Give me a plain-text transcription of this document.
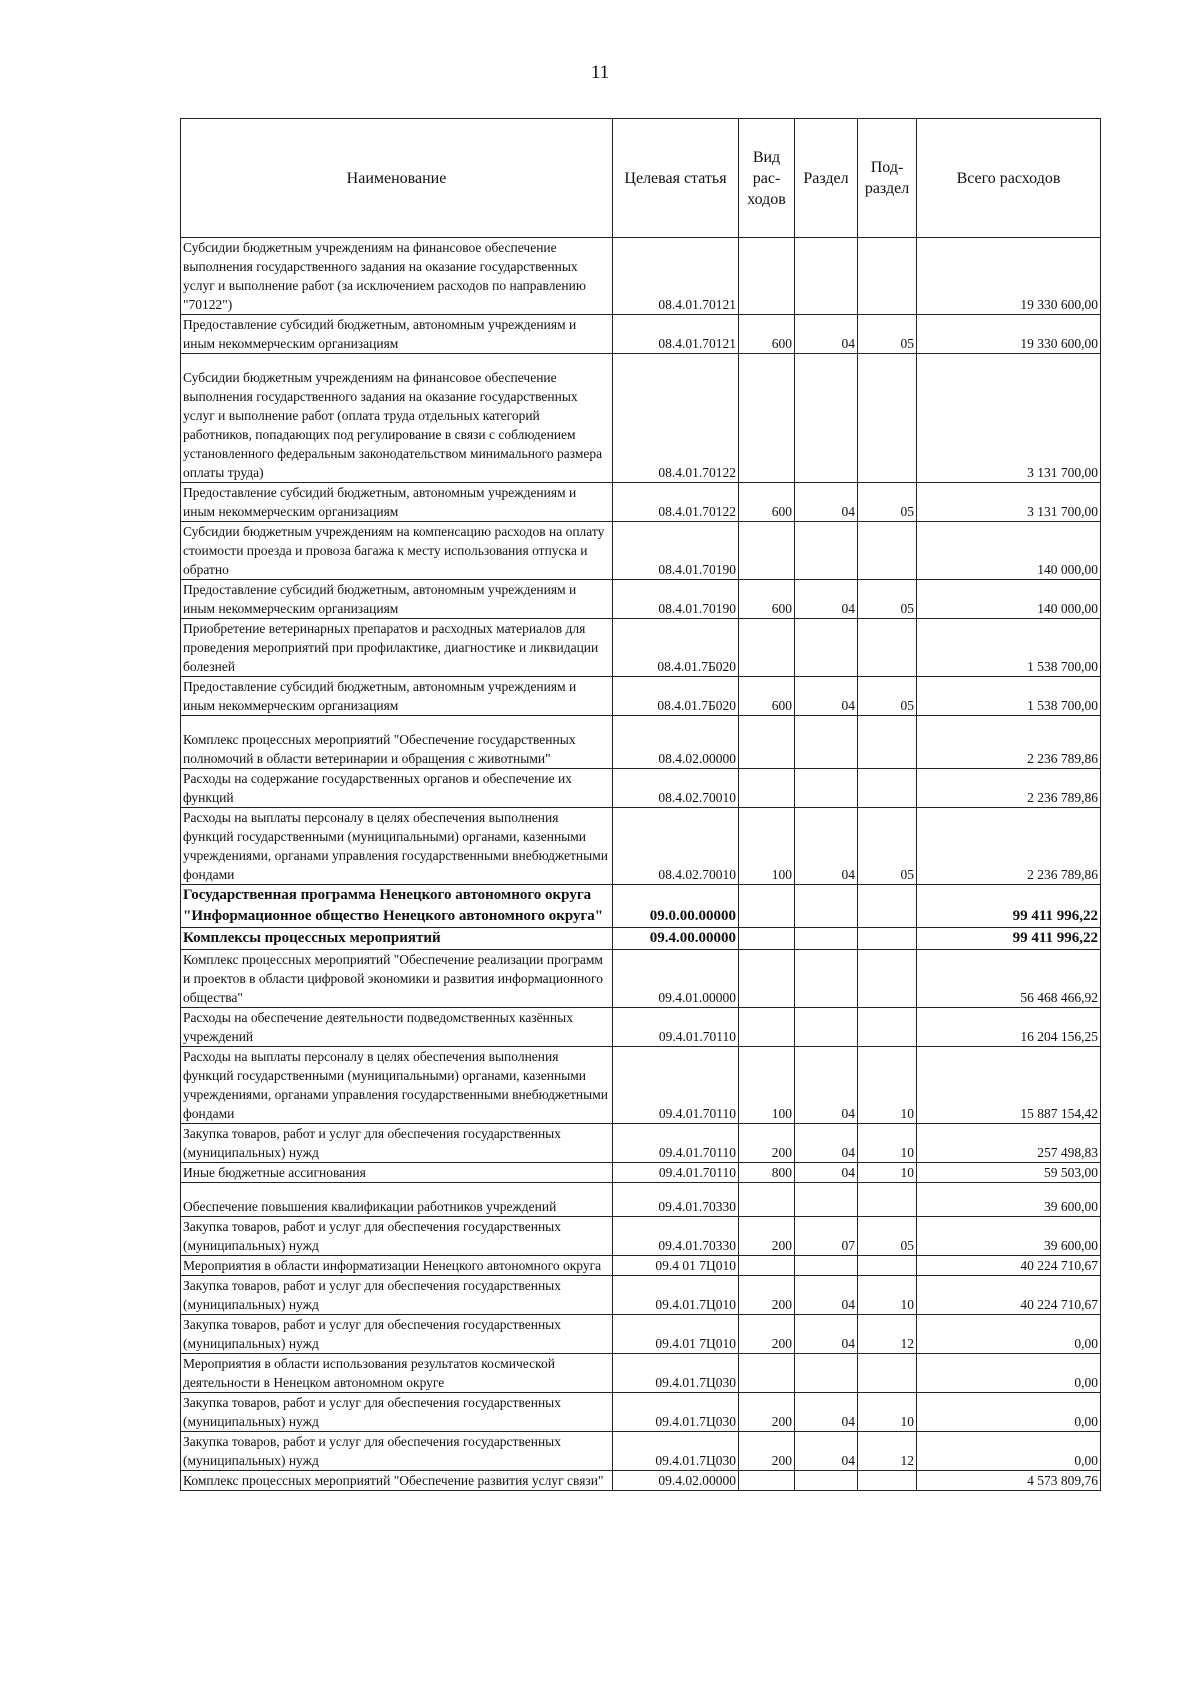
11
Наименование	Целевая статья	Вид рас- ходов	Раздел	Под- раздел	Всего расходов
Субсидии бюджетным учреждениям на финансовое обеспечение выполнения государственного задания на оказание государственных услуг и выполнение работ (за исключением расходов по направлению "70122")	08.4.01.70121				19 330 600,00
Предоставление субсидий бюджетным, автономным учреждениям и иным некоммерческим организациям	08.4.01.70121	600	04	05	19 330 600,00
Субсидии бюджетным учреждениям на финансовое обеспечение выполнения государственного задания на оказание государственных услуг и выполнение работ (оплата труда отдельных категорий работников, попадающих под регулирование в связи с соблюдением установленного федеральным законодательством минимального размера оплаты труда)	08.4.01.70122				3 131 700,00
Предоставление субсидий бюджетным, автономным учреждениям и иным некоммерческим организациям	08.4.01.70122	600	04	05	3 131 700,00
Субсидии бюджетным учреждениям на компенсацию расходов на оплату стоимости проезда и провоза багажа к месту использования отпуска и обратно	08.4.01.70190				140 000,00
Предоставление субсидий бюджетным, автономным учреждениям и иным некоммерческим организациям	08.4.01.70190	600	04	05	140 000,00
Приобретение ветеринарных препаратов и расходных материалов для проведения мероприятий при профилактике, диагностике и ликвидации болезней	08.4.01.7Б020				1 538 700,00
Предоставление субсидий бюджетным, автономным учреждениям и иным некоммерческим организациям	08.4.01.7Б020	600	04	05	1 538 700,00
Комплекс процессных мероприятий "Обеспечение государственных полномочий в области ветеринарии и обращения с животными"	08.4.02.00000				2 236 789,86
Расходы на содержание государственных органов и обеспечение их функций	08.4.02.70010				2 236 789,86
Расходы на выплаты персоналу в целях обеспечения выполнения функций государственными (муниципальными) органами, казенными учреждениями, органами управления государственными внебюджетными фондами	08.4.02.70010	100	04	05	2 236 789,86
Государственная программа Ненецкого автономного округа "Информационное общество Ненецкого автономного округа"	09.0.00.00000				99 411 996,22
Комплексы процессных мероприятий	09.4.00.00000				99 411 996,22
Комплекс процессных мероприятий "Обеспечение реализации программ и проектов в области цифровой экономики и развития информационного общества"	09.4.01.00000				56 468 466,92
Расходы на обеспечение деятельности подведомственных казённых учреждений	09.4.01.70110				16 204 156,25
Расходы на выплаты персоналу в целях обеспечения выполнения функций государственными (муниципальными) органами, казенными учреждениями, органами управления государственными внебюджетными фондами	09.4.01.70110	100	04	10	15 887 154,42
Закупка товаров, работ и услуг для обеспечения государственных (муниципальных) нужд	09.4.01.70110	200	04	10	257 498,83
Иные бюджетные ассигнования	09.4.01.70110	800	04	10	59 503,00
Обеспечение повышения квалификации работников учреждений	09.4.01.70330				39 600,00
Закупка товаров, работ и услуг для обеспечения государственных (муниципальных) нужд	09.4.01.70330	200	07	05	39 600,00
Мероприятия в области информатизации Ненецкого автономного округа	09.4 01 7Ц010				40 224 710,67
Закупка товаров, работ и услуг для обеспечения государственных (муниципальных) нужд	09.4.01.7Ц010	200	04	10	40 224 710,67
Закупка товаров, работ и услуг для обеспечения государственных (муниципальных) нужд	09.4.01 7Ц010	200	04	12	0,00
Мероприятия в области использования результатов космической деятельности в Ненецком автономном округе	09.4.01.7Ц030				0,00
Закупка товаров, работ и услуг для обеспечения государственных (муниципальных) нужд	09.4.01.7Ц030	200	04	10	0,00
Закупка товаров, работ и услуг для обеспечения государственных (муниципальных) нужд	09.4.01.7Ц030	200	04	12	0,00
Комплекс процессных мероприятий "Обеспечение развития услуг связи"	09.4.02.00000				4 573 809,76
